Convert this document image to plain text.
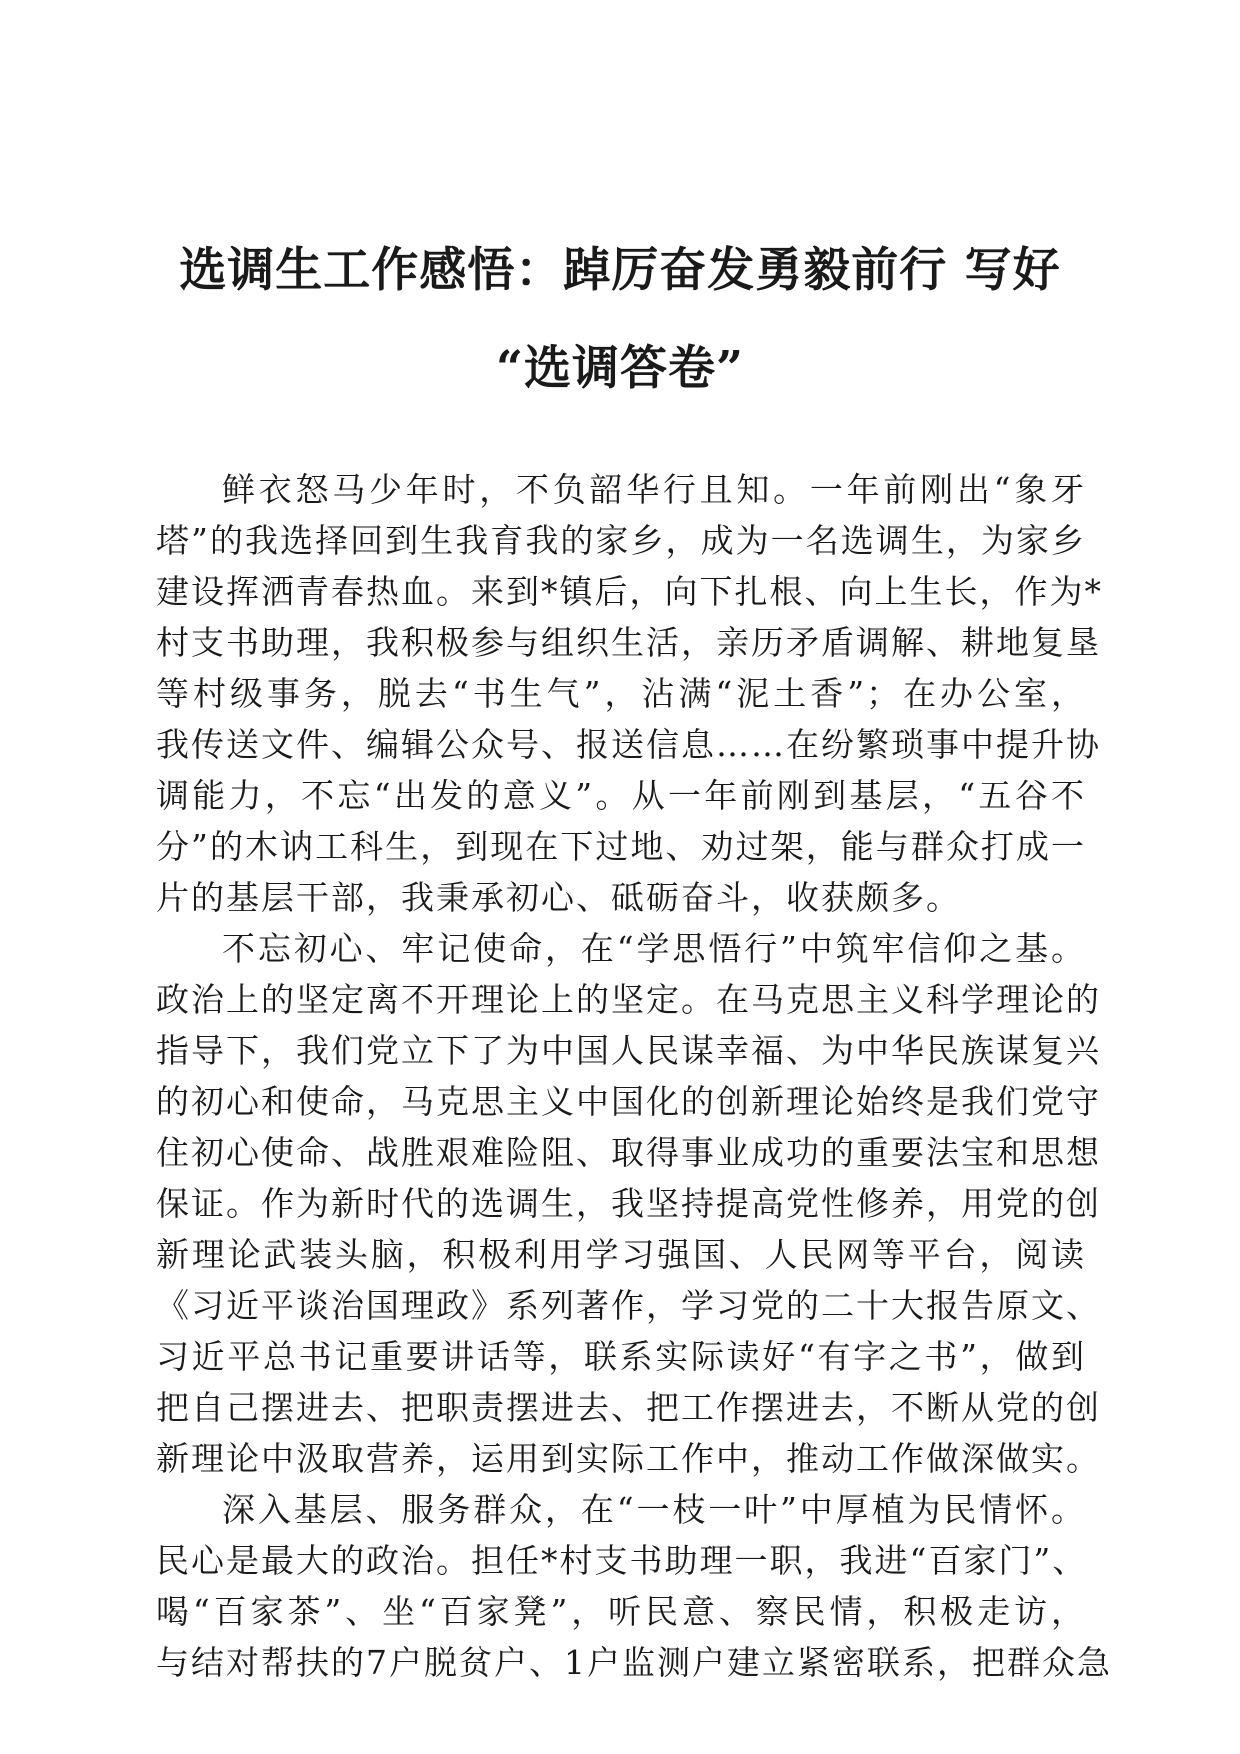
选调生工作感悟：踔厉奋发勇毅前行 写好
“选调答卷”
鲜衣怒马少年时，不负韶华行且知。一年前刚出“象牙
塔”的我选择回到生我育我的家乡，成为一名选调生，为家乡
建设挥洒青春热血。来到*镇后，向下扎根、向上生长，作为*
村支书助理，我积极参与组织生活，亲历矛盾调解、耕地复垦
等村级事务，脱去“书生气”，沾满“泥土香”；在办公室，
我传送文件、编辑公众号、报送信息……在纷繁琐事中提升协
调能力，不忘“出发的意义”。从一年前刚到基层，“五谷不
分”的木讷工科生，到现在下过地、劝过架，能与群众打成一
片的基层干部，我秉承初心、砥砺奋斗，收获颇多。
不忘初心、牢记使命，在“学思悟行”中筑牢信仰之基。
政治上的坚定离不开理论上的坚定。在马克思主义科学理论的
指导下，我们党立下了为中国人民谋幸福、为中华民族谋复兴
的初心和使命，马克思主义中国化的创新理论始终是我们党守
住初心使命、战胜艰难险阻、取得事业成功的重要法宝和思想
保证。作为新时代的选调生，我坚持提高党性修养，用党的创
新理论武装头脑，积极利用学习强国、人民网等平台，阅读
《习近平谈治国理政》系列著作，学习党的二十大报告原文、
习近平总书记重要讲话等，联系实际读好“有字之书”，做到
把自己摆进去、把职责摆进去、把工作摆进去，不断从党的创
新理论中汲取营养，运用到实际工作中，推动工作做深做实。
深入基层、服务群众，在“一枝一叶”中厚植为民情怀。
民心是最大的政治。担任*村支书助理一职，我进“百家门”、
喝“百家茶”、坐“百家凳”，听民意、察民情，积极走访，
与结对帮扶的7户脱贫户、1户监测户建立紧密联系，把群众急
